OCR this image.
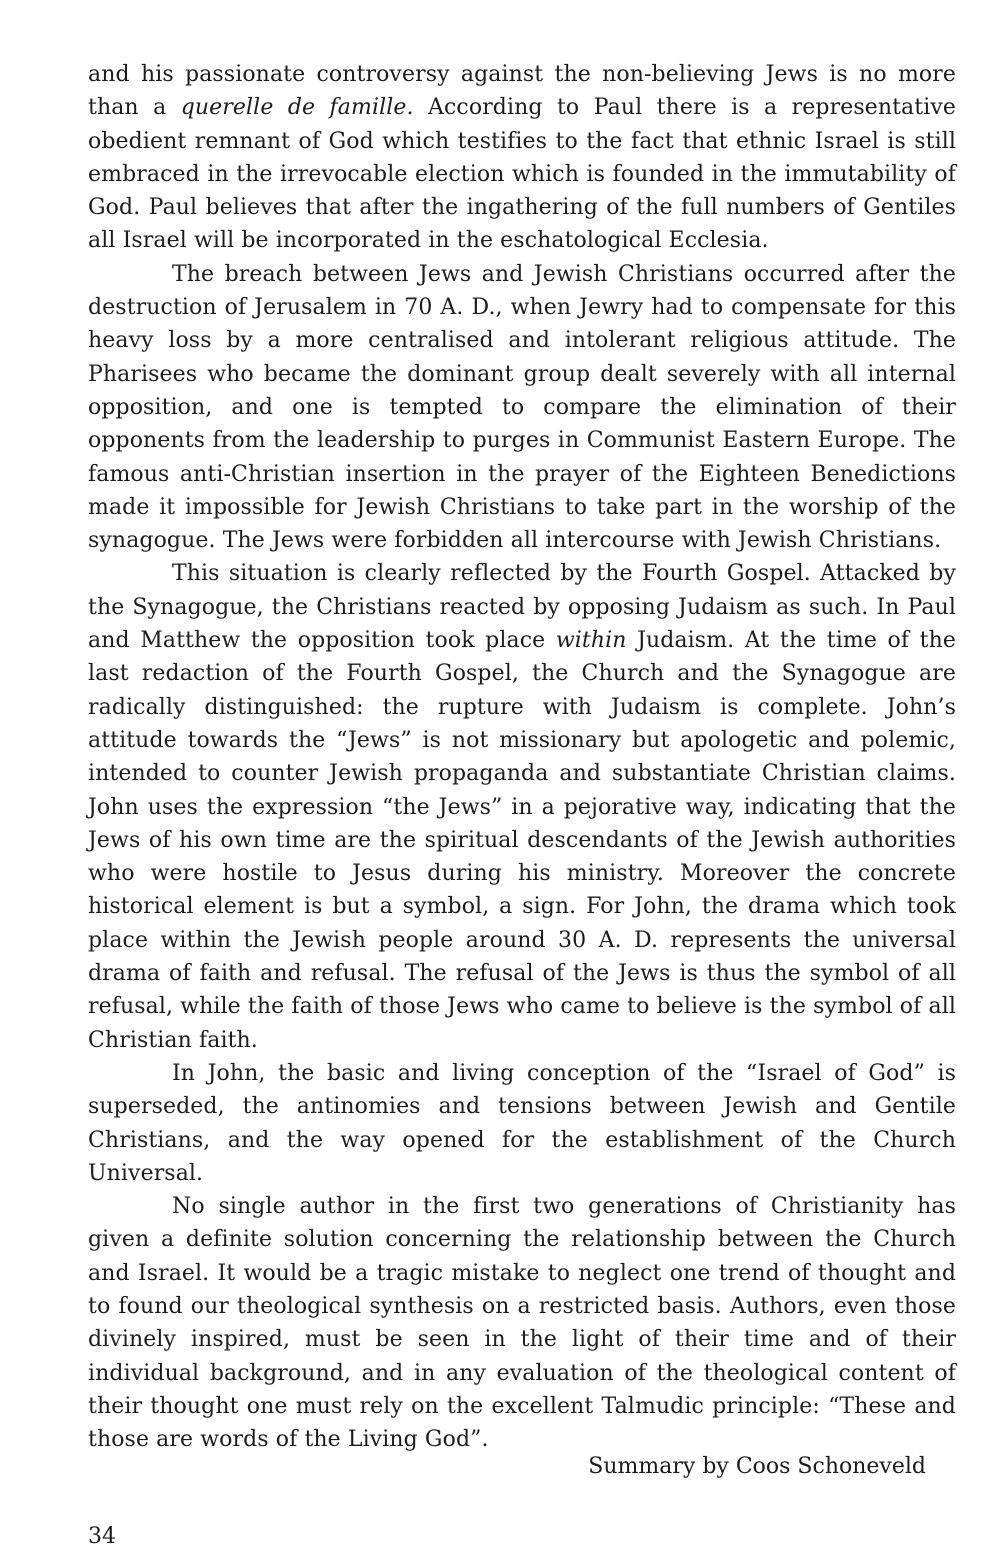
and his passionate controversy against the non-believing Jews is no more than a querelle de famille. According to Paul there is a representative obedient remnant of God which testifies to the fact that ethnic Israel is still embraced in the irrevocable election which is founded in the immutability of God. Paul believes that after the ingathering of the full numbers of Gentiles all Israel will be incorporated in the eschatological Ecclesia.

The breach between Jews and Jewish Christians occurred after the destruction of Jerusalem in 70 A. D., when Jewry had to compensate for this heavy loss by a more centralised and intolerant religious attitude. The Pharisees who became the dominant group dealt severely with all internal opposition, and one is tempted to compare the elimination of their opponents from the leadership to purges in Communist Eastern Europe. The famous anti-Christian insertion in the prayer of the Eighteen Benedictions made it impossible for Jewish Christians to take part in the worship of the synagogue. The Jews were forbidden all intercourse with Jewish Christians.

This situation is clearly reflected by the Fourth Gospel. Attacked by the Synagogue, the Christians reacted by opposing Judaism as such. In Paul and Matthew the opposition took place within Judaism. At the time of the last redaction of the Fourth Gospel, the Church and the Synagogue are radically distinguished: the rupture with Judaism is complete. John’s attitude towards the “Jews” is not missionary but apologetic and polemic, intended to counter Jewish propaganda and substantiate Christian claims. John uses the expression “the Jews” in a pejorative way, indicating that the Jews of his own time are the spiritual descendants of the Jewish authorities who were hostile to Jesus during his ministry. Moreover the concrete historical element is but a symbol, a sign. For John, the drama which took place within the Jewish people around 30 A. D. represents the universal drama of faith and refusal. The refusal of the Jews is thus the symbol of all refusal, while the faith of those Jews who came to believe is the symbol of all Christian faith.

In John, the basic and living conception of the “Israel of God” is superseded, the antinomies and tensions between Jewish and Gentile Christians, and the way opened for the establishment of the Church Universal.

No single author in the first two generations of Christianity has given a definite solution concerning the relationship between the Church and Israel. It would be a tragic mistake to neglect one trend of thought and to found our theological synthesis on a restricted basis. Authors, even those divinely inspired, must be seen in the light of their time and of their individual background, and in any evaluation of the theological content of their thought one must rely on the excellent Talmudic principle: “These and those are words of the Living God”.

Summary by Coos Schoneveld
34
